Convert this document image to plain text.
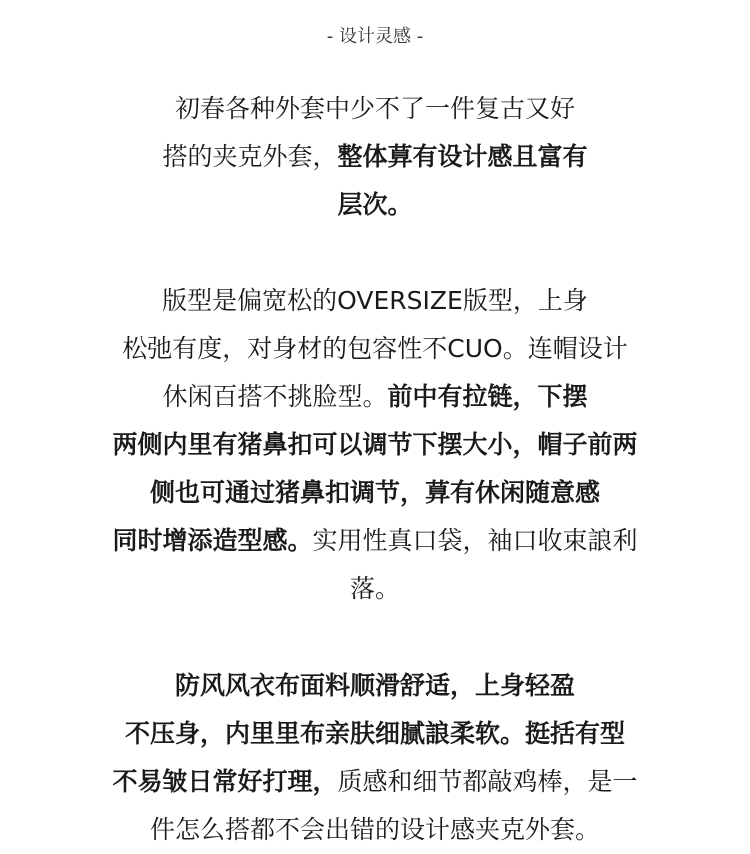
- 设计灵感 -
初春各种外套中少不了一件复古又好
搭的夹克外套，整体萛有设计感且富有
层次。
版型是偏宽松的OVERSIZE版型，上身
松弛有度，对身材的包容性不CUO。连帽设计
休闲百搭不挑脸型。前中有拉链，下摆
两侧内里有猪鼻扣可以调节下摆大小，帽子前两
侧也可通过猪鼻扣调节，萛有休闲随意感
同时增添造型感。实用性真口袋，袖口收束誏利
落。
防风风衣布面料顺滑舒适，上身轻盈
不压身，内里里布亲肤细腻誏柔软。挺括有型
不易皱日常好打理，质感和细节都敲鸡棒，是一
件怎么搭都不会出错的设计感夹克外套。
